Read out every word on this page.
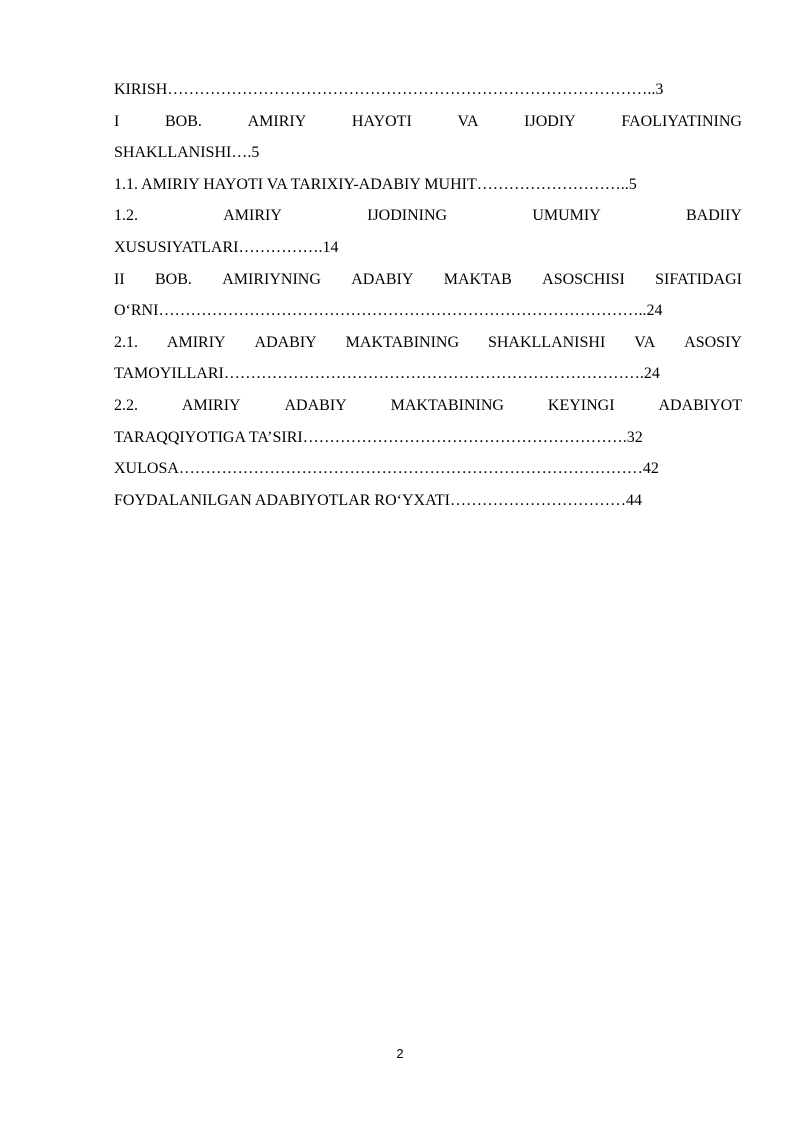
KIRISH………………………………………………………………………………..3
I	BOB.	AMIRIY	HAYOTI	VA	IJODIY	FAOLIYATINING
SHAKLLANISHI….5
1.1. AMIRIY HAYOTI VA TARIXIY-ADABIY MUHIT………………………..5
1.2.	AMIRIY	IJODINING	UMUMIY	BADIIY
XUSUSIYATLARI…………….14
II BOB. AMIRIYNING ADABIY MAKTAB ASOSCHISI SIFATIDAGI
O‘RNI………………………………………………………………………………..24
2.1. AMIRIY ADABIY MAKTABINING SHAKLLANISHI VA ASOSIY
TAMOYILLARI…………………………………………………………………….24
2.2.	AMIRIY	ADABIY	MAKTABINING	KEYINGI	ADABIYOT
TARAQQIYOTIGA TA’SIRI…………………………………………………….32
XULOSA……………………………………………………………………………42
FOYDALANILGAN ADABIYOTLAR RO‘YXATI……………………………44
2
